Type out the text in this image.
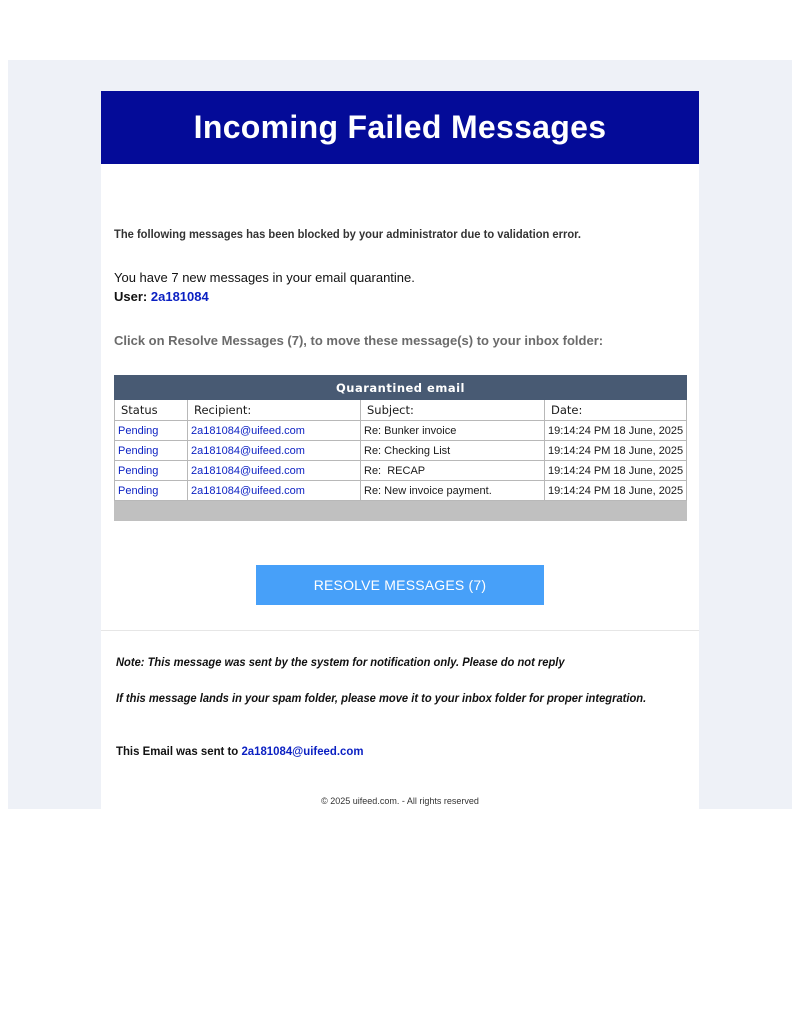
Incoming Failed Messages
The following messages has been blocked by your administrator due to validation error.
You have 7 new messages in your email quarantine.
User: 2a181084
Click on Resolve Messages (7), to move these message(s) to your inbox folder:
Quarantined email			
Status	Recipient:	Subject:	Date:
Pending	2a181084@uifeed.com	Re: Bunker invoice	19:14:24 PM 18 June, 2025
Pending	2a181084@uifeed.com	Re: Checking List	19:14:24 PM 18 June, 2025
Pending	2a181084@uifeed.com	Re:  RECAP	19:14:24 PM 18 June, 2025
Pending	2a181084@uifeed.com	Re: New invoice payment.	19:14:24 PM 18 June, 2025

RESOLVE MESSAGES (7)
Note: This message was sent by the system for notification only. Please do not reply
If this message lands in your spam folder, please move it to your inbox folder for proper integration.
This Email was sent to 2a181084@uifeed.com
© 2025 uifeed.com. - All rights reserved
